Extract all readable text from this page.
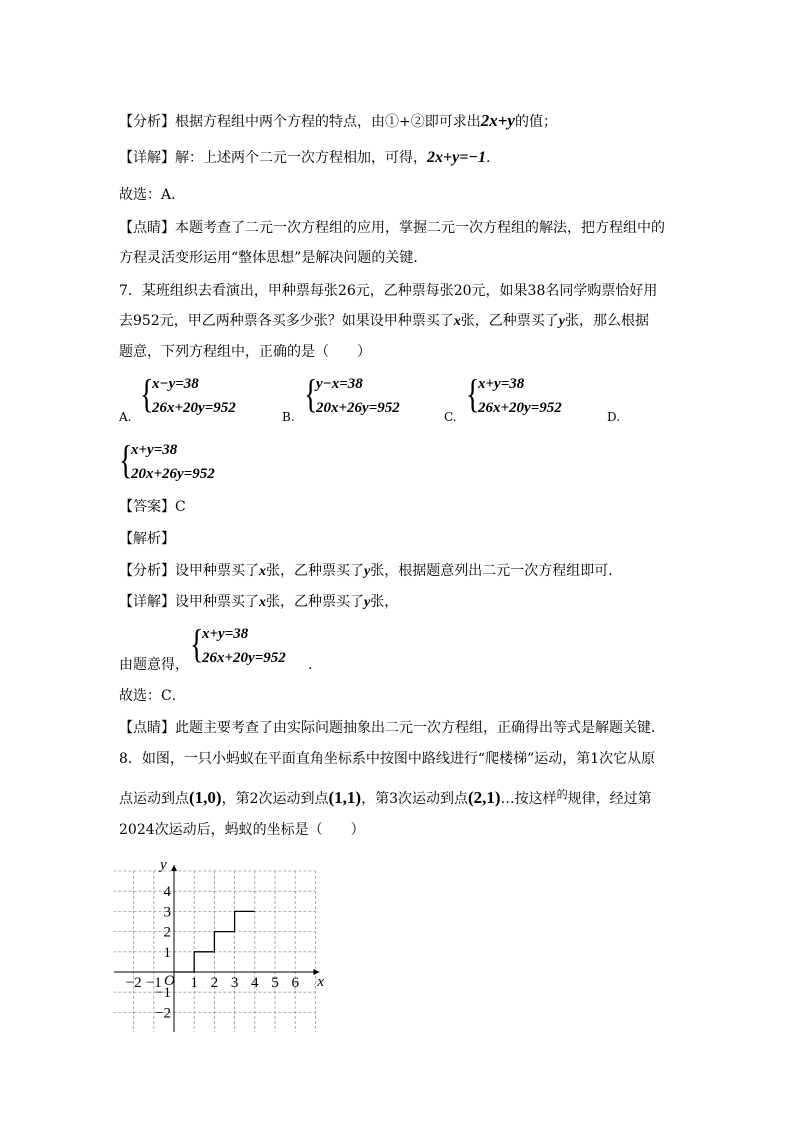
【分析】根据方程组中两个方程的特点，由①+②即可求出2x+y的值；
【详解】解：上述两个二元一次方程相加，可得，2x+y=−1.
故选：A．
【点睛】本题考查了二元一次方程组的应用，掌握二元一次方程组的解法，把方程组中的
方程灵活变形运用“整体思想”是解决问题的关键．
7．某班组织去看演出，甲种票每张26元，乙种票每张20元，如果38名同学购票恰好用
去952元，甲乙两种票各买多少张？如果设甲种票买了x张，乙种票买了y张，那么根据
题意，下列方程组中，正确的是（　　）
A.
{
x−y=38
26x+20y=952
B.
{
y−x=38
20x+26y=952
C.
{
x+y=38
26x+20y=952
D.
{
x+y=38
20x+26y=952
【答案】C
【解析】
【分析】设甲种票买了x张，乙种票买了y张，根据题意列出二元一次方程组即可．
【详解】设甲种票买了x张，乙种票买了y张，
由题意得， {
x+y=38
26x+20y=952 .
故选：C．
【点睛】此题主要考查了由实际问题抽象出二元一次方程组，正确得出等式是解题关键．
8．如图，一只小蚂蚁在平面直角坐标系中按图中路线进行“爬楼梯”运动，第1次它从原
点运动到点(1,0)，第2次运动到点(1,1)，第3次运动到点(2,1)…按这样$^的$规律，经过第
2024次运动后，蚂蚁的坐标是（　　）
−2 −1 1 2 3 4 5 6
4
3
2
1
−1
−2
O	x
y
